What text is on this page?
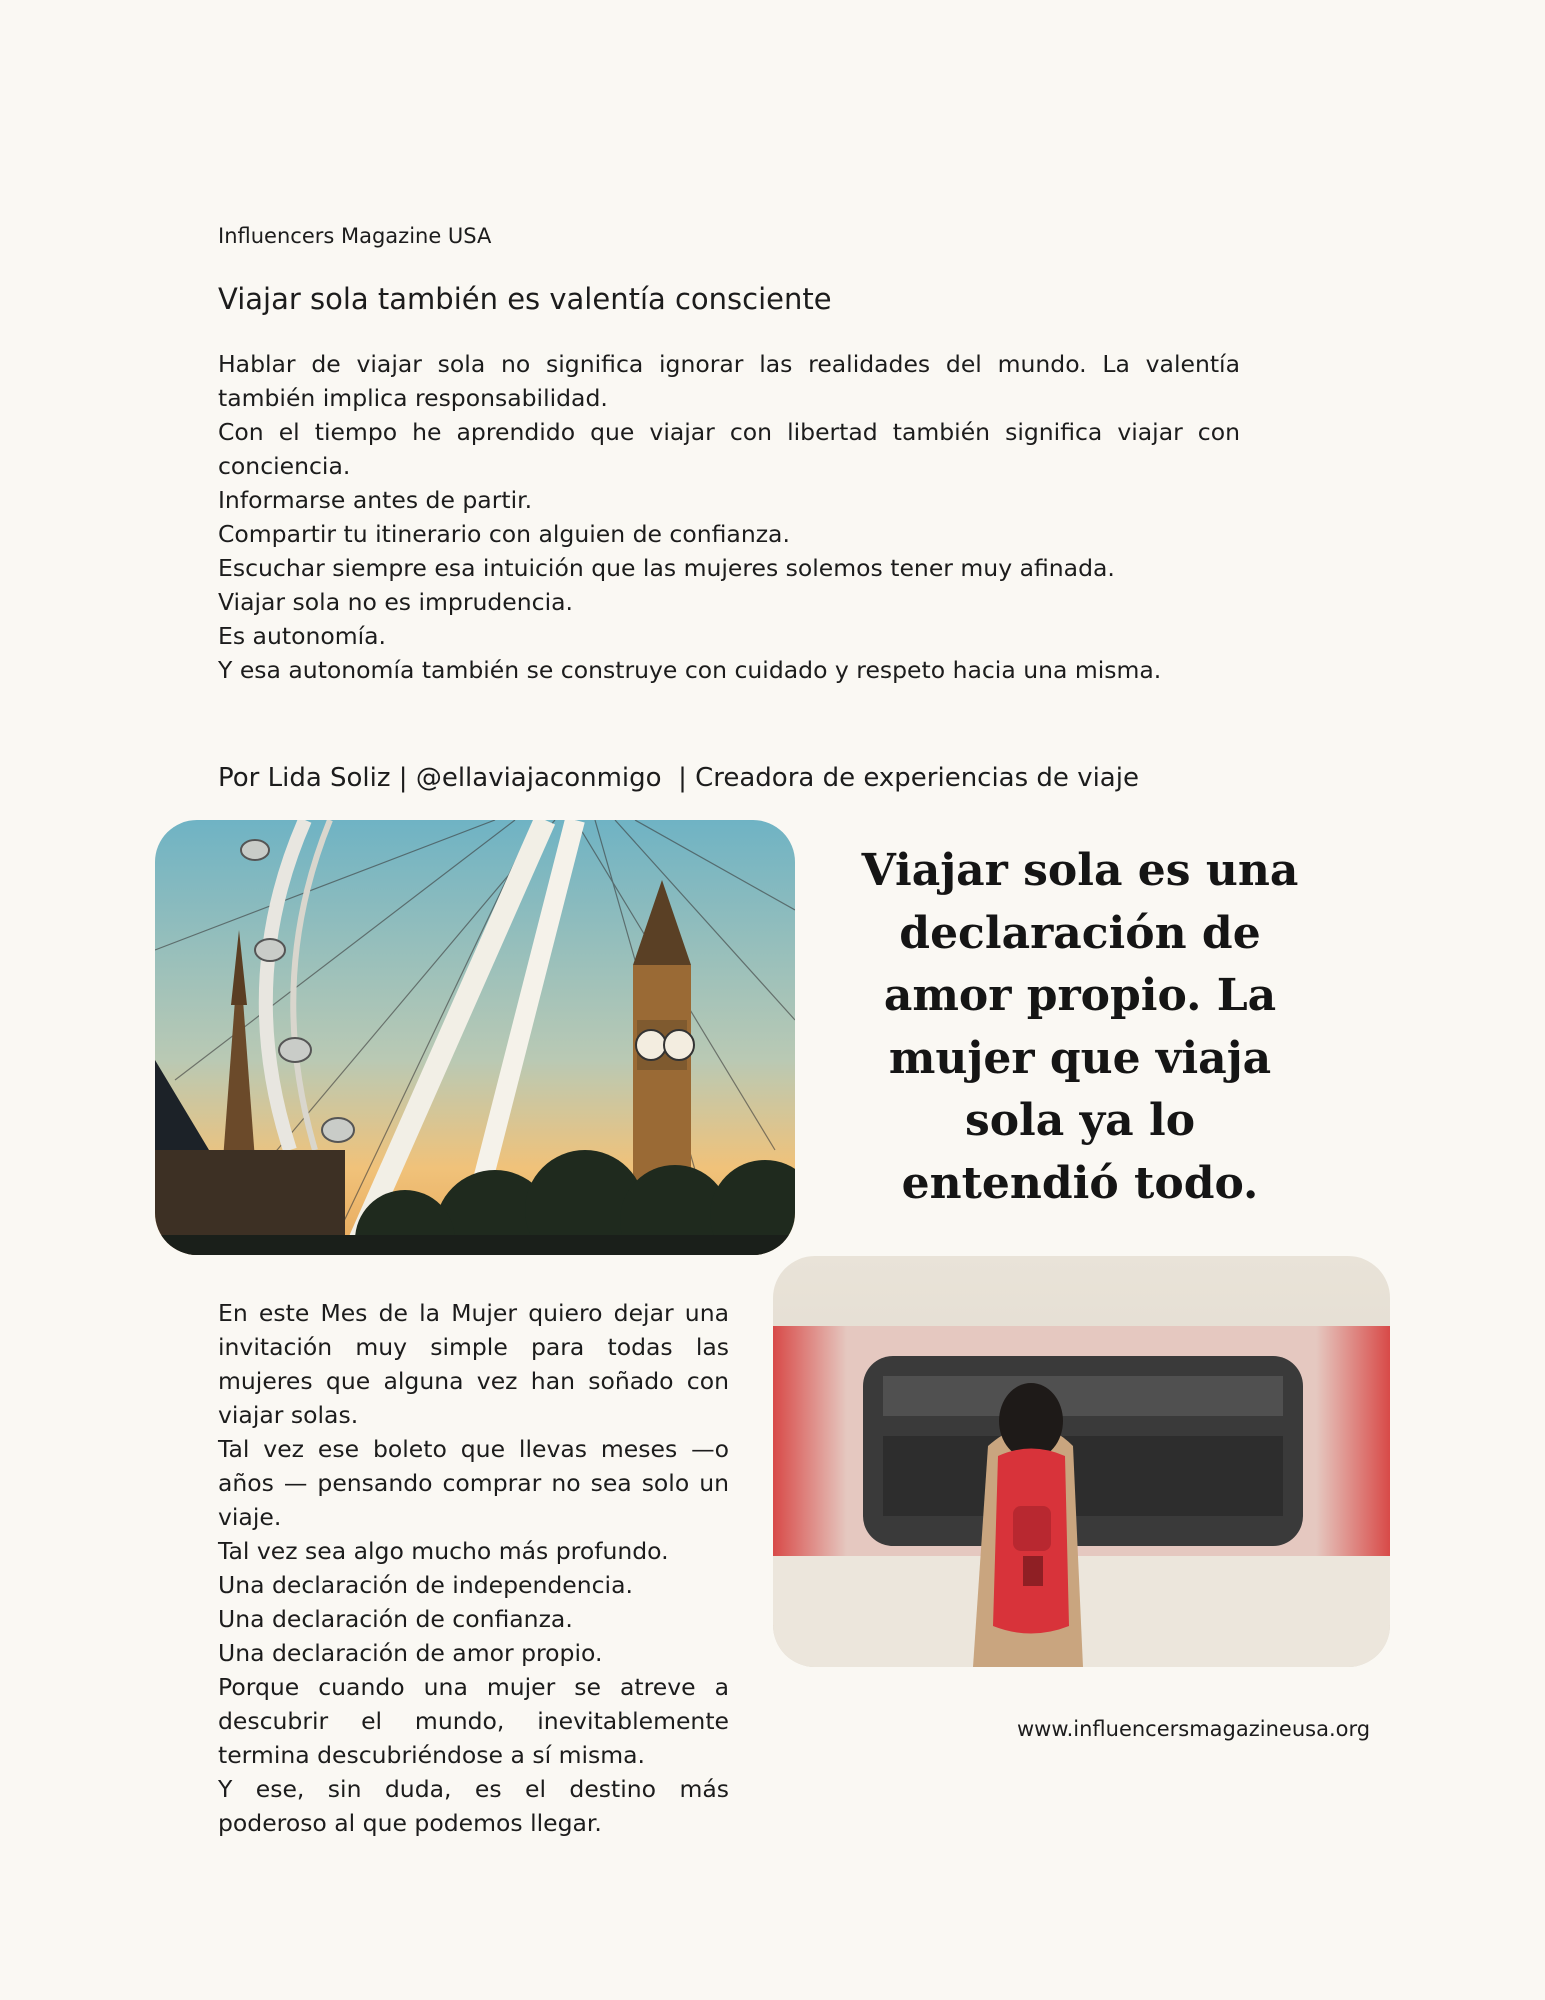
Influencers Magazine USA
Viajar sola también es valentía consciente

Hablar de viajar sola no significa ignorar las realidades del mundo. La valentía también implica responsabilidad.

Con el tiempo he aprendido que viajar con libertad también significa viajar con conciencia.

Informarse antes de partir.

Compartir tu itinerario con alguien de confianza.

Escuchar siempre esa intuición que las mujeres solemos tener muy afinada.

Viajar sola no es imprudencia.

Es autonomía.

Y esa autonomía también se construye con cuidado y respeto hacia una misma.

Por Lida Soliz | @ellaviajaconmigo  | Creadora de experiencias de viaje
Viajar sola es una declaración de amor propio. La mujer que viaja sola ya lo entendió todo.

En este Mes de la Mujer quiero dejar una invitación muy simple para todas las mujeres que alguna vez han soñado con viajar solas.

Tal vez ese boleto que llevas meses —o años — pensando comprar no sea solo un viaje.

Tal vez sea algo mucho más profundo.

Una declaración de independencia.

Una declaración de confianza.

Una declaración de amor propio.

Porque cuando una mujer se atreve a descubrir el mundo, inevitablemente termina descubriéndose a sí misma.

Y ese, sin duda, es el destino más poderoso al que podemos llegar.

www.influencersmagazineusa.org
